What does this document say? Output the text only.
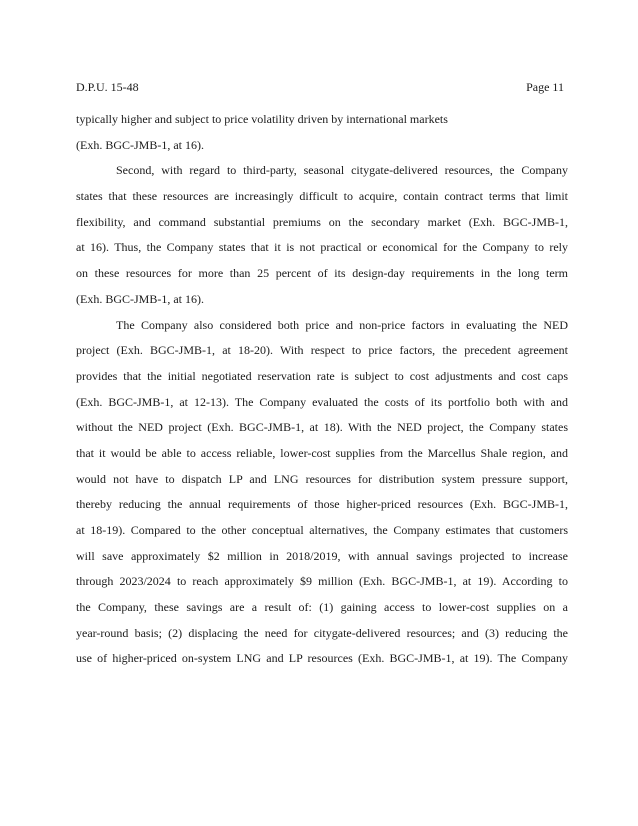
D.P.U. 15-48	Page 11
typically higher and subject to price volatility driven by international markets
(Exh. BGC-JMB-1, at 16).
Second, with regard to third-party, seasonal citygate-delivered resources, the Company
states that these resources are increasingly difficult to acquire, contain contract terms that limit
flexibility, and command substantial premiums on the secondary market (Exh. BGC-JMB-1,
at 16). Thus, the Company states that it is not practical or economical for the Company to rely
on these resources for more than 25 percent of its design-day requirements in the long term
(Exh. BGC-JMB-1, at 16).
The Company also considered both price and non-price factors in evaluating the NED
project (Exh. BGC-JMB-1, at 18-20). With respect to price factors, the precedent agreement
provides that the initial negotiated reservation rate is subject to cost adjustments and cost caps
(Exh. BGC-JMB-1, at 12-13). The Company evaluated the costs of its portfolio both with and
without the NED project (Exh. BGC-JMB-1, at 18). With the NED project, the Company states
that it would be able to access reliable, lower-cost supplies from the Marcellus Shale region, and
would not have to dispatch LP and LNG resources for distribution system pressure support,
thereby reducing the annual requirements of those higher-priced resources (Exh. BGC-JMB-1,
at 18-19). Compared to the other conceptual alternatives, the Company estimates that customers
will save approximately $2 million in 2018/2019, with annual savings projected to increase
through 2023/2024 to reach approximately $9 million (Exh. BGC-JMB-1, at 19). According to
the Company, these savings are a result of: (1) gaining access to lower-cost supplies on a
year-round basis; (2) displacing the need for citygate-delivered resources; and (3) reducing the
use of higher-priced on-system LNG and LP resources (Exh. BGC-JMB-1, at 19). The Company
